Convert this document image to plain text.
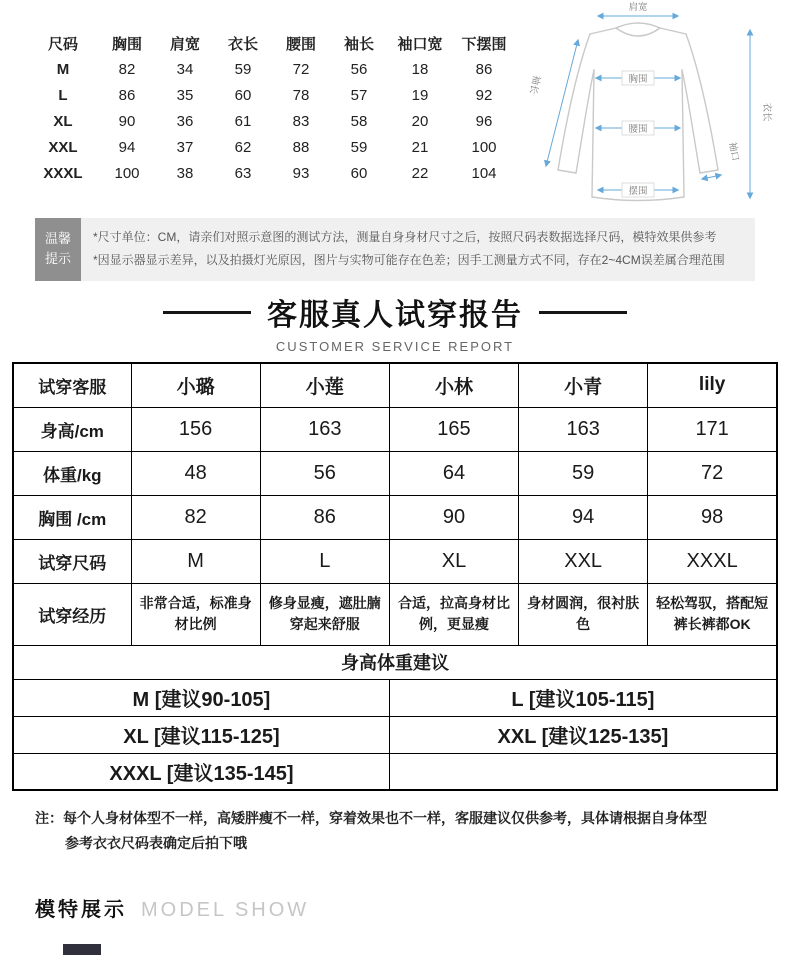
尺码	胸围	肩宽	衣长	腰围	袖长	袖口宽	下摆围
M	82	34	59	72	56	18	86
L	86	35	60	78	57	19	92
XL	90	36	61	83	58	20	96
XXL	94	37	62	88	59	21	100
XXXL	100	38	63	93	60	22	104
肩宽
胸围
腰围
摆围
袖长
衣长
袖口
温馨
提示

*尺寸单位：CM，请亲们对照示意图的测试方法，测量自身身材尺寸之后，按照尺码表数据选择尺码，模特效果供参考

*因显示器显示差异，以及拍摄灯光原因，图片与实物可能存在色差；因手工测量方式不同，存在2~4CM误差属合理范围

客服真人试穿报告
CUSTOMER SERVICE REPORT
试穿客服	小璐	小莲	小林	小青	lily
身高/cm	156	163	165	163	171
体重/kg	48	56	64	59	72
胸围 /cm	82	86	90	94	98
试穿尺码	M	L	XL	XXL	XXXL
试穿经历	非常合适，标准身材比例	修身显瘦，遮肚腩穿起来舒服	合适，拉高身材比例，更显瘦	身材圆润，很衬肤色	轻松驾驭，搭配短裤长裤都OK
身高体重建议					
M [建议90-105]			L [建议105-115]		
XL [建议115-125]			XXL [建议125-135]		
XXXL [建议135-145]					

注：每个人身材体型不一样，高矮胖瘦不一样，穿着效果也不一样，客服建议仅供参考，具体请根据自身体型

参考衣衣尺码表确定后拍下哦

模特展示 MODEL SHOW
